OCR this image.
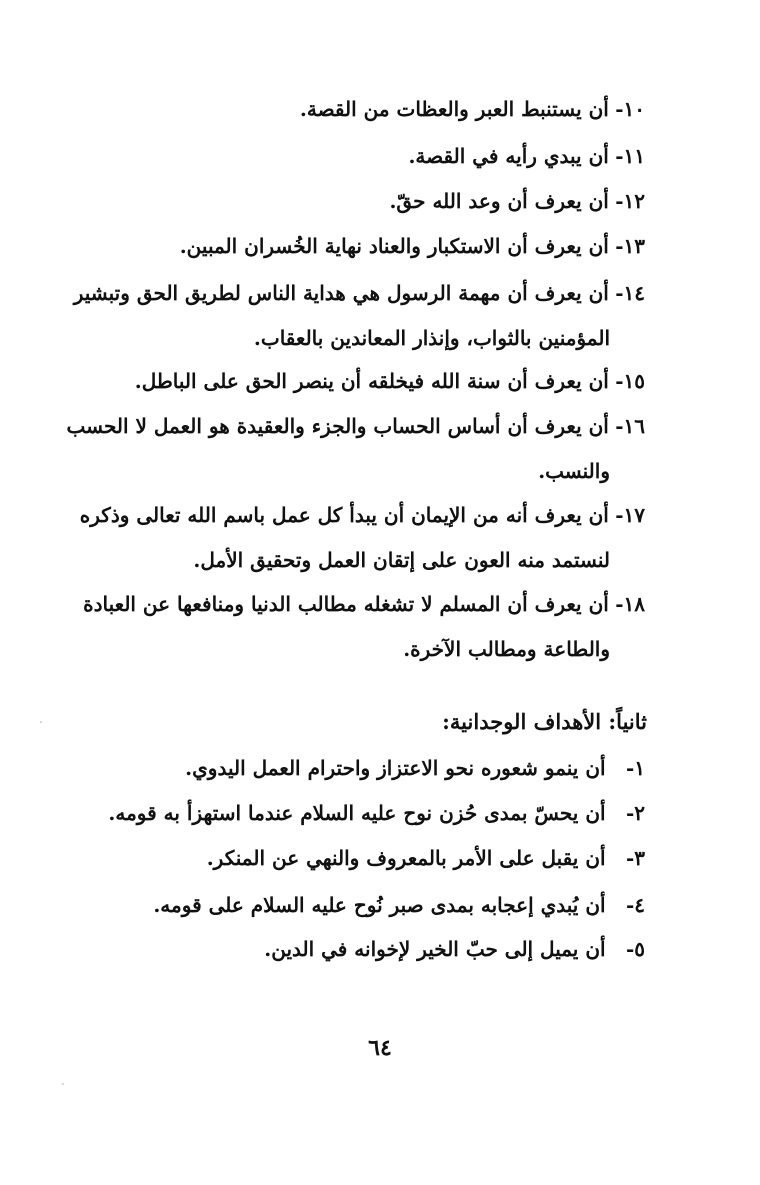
١٠- أن يستنبط العبر والعظات من القصة.
١١- أن يبدي رأيه في القصة.
١٢- أن يعرف أن وعد الله حقّ.
١٣- أن يعرف أن الاستكبار والعناد نهاية الخُسران المبين.
١٤- أن يعرف أن مهمة الرسول هي هداية الناس لطريق الحق وتبشير
المؤمنين بالثواب، وإنذار المعاندين بالعقاب.
١٥- أن يعرف أن سنة الله فيخلقه أن ينصر الحق على الباطل.
١٦- أن يعرف أن أساس الحساب والجزء والعقيدة هو العمل لا الحسب
والنسب.
١٧- أن يعرف أنه من الإيمان أن يبدأ كل عمل باسم الله تعالى وذكره
لنستمد منه العون على إتقان العمل وتحقيق الأمل.
١٨- أن يعرف أن المسلم لا تشغله مطالب الدنيا ومنافعها عن العبادة
والطاعة ومطالب الآخرة.
ثانياً: الأهداف الوجدانية:
١- أن ينمو شعوره نحو الاعتزاز واحترام العمل اليدوي.
٢- أن يحسّ بمدى حُزن نوح عليه السلام عندما استهزأ به قومه.
٣- أن يقبل على الأمر بالمعروف والنهي عن المنكر.
٤- أن يُبدي إعجابه بمدى صبر نُوح عليه السلام على قومه.
٥- أن يميل إلى حبّ الخير لإخوانه في الدين.
٦٤
